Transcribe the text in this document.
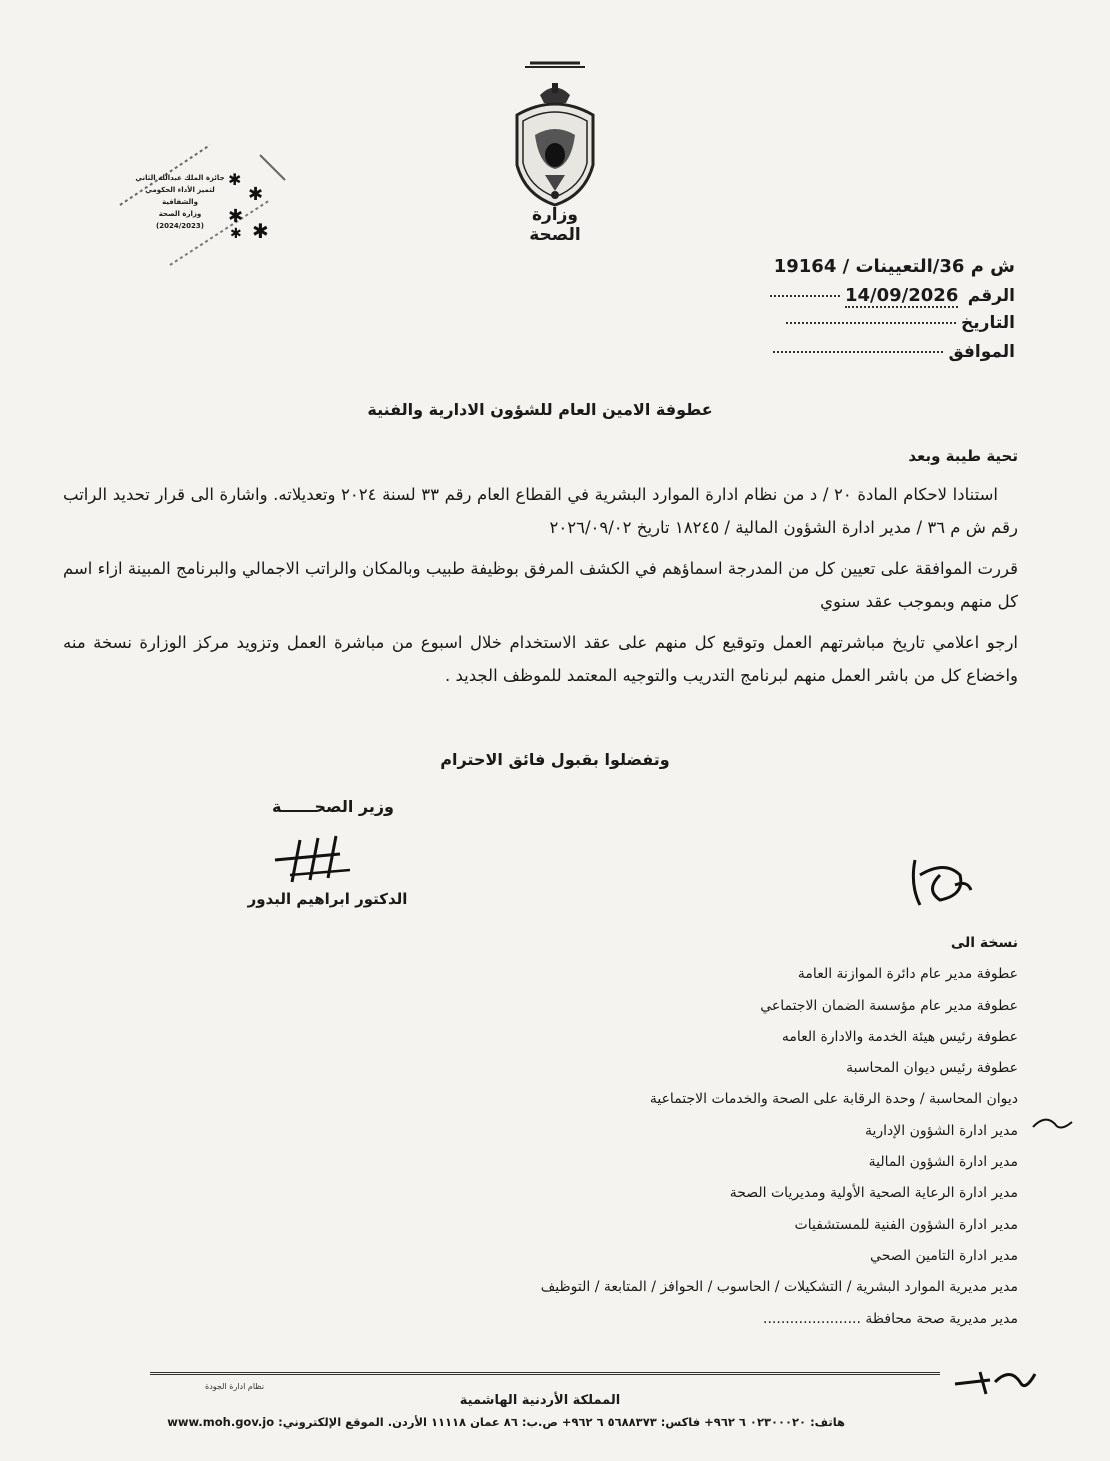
وزارة الصحة
✱
✱
✱
✱
✱
جائزة الملك عبدالله الثاني
لتميز الأداء الحكومي والشفافية
وزارة الصحة
(2024/2023)
ش م 36/التعيينات / 19164
الرقم 14/09/2026
التاريخ
الموافق
عطوفة الامين العام للشؤون الادارية والفنية
تحية طيبة وبعد
استنادا لاحكام المادة ٢٠ / د من نظام ادارة الموارد البشرية في القطاع العام رقم ٣٣ لسنة ٢٠٢٤ وتعديلاته. واشارة الى قرار تحديد الراتب رقم ش م ٣٦ / مدير ادارة الشؤون المالية / ١٨٢٤٥ تاريخ ٢٠٢٦/٠٩/٠٢
قررت الموافقة على تعيين كل من المدرجة اسماؤهم في الكشف المرفق بوظيفة طبيب وبالمكان والراتب الاجمالي والبرنامج المبينة ازاء اسم كل منهم وبموجب عقد سنوي
ارجو اعلامي تاريخ مباشرتهم العمل وتوقيع كل منهم على عقد الاستخدام خلال اسبوع من مباشرة العمل وتزويد مركز الوزارة نسخة منه واخضاع كل من باشر العمل منهم لبرنامج التدريب والتوجيه المعتمد للموظف الجديد .
وتفضلوا بقبول فائق الاحترام
وزير الصحــــــة
الدكتور ابراهيم البدور
نسخة الى
عطوفة مدير عام دائرة الموازنة العامة
عطوفة مدير عام مؤسسة الضمان الاجتماعي
عطوفة رئيس هيئة الخدمة والادارة العامه
عطوفة رئيس ديوان المحاسبة
ديوان المحاسبة / وحدة الرقابة على الصحة والخدمات الاجتماعية
مدير ادارة الشؤون الإدارية
مدير ادارة الشؤون المالية
مدير ادارة الرعاية الصحية الأولية ومديريات الصحة
مدير ادارة الشؤون الفنية للمستشفيات
مدير ادارة التامين الصحي
مدير مديرية الموارد البشرية / التشكيلات / الحاسوب / الحوافز / المتابعة / التوظيف
مدير مديرية صحة محافظة ......................
نظام ادارة الجودة
المملكة الأردنية الهاشمية
هاتف: ٠٢٣٠٠٠٢٠ ٦ ٩٦٢+ فاكس: ٥٦٨٨٣٧٣ ٦ ٩٦٢+ ص.ب: ٨٦ عمان ١١١١٨ الأردن. الموقع الإلكتروني: www.moh.gov.jo
